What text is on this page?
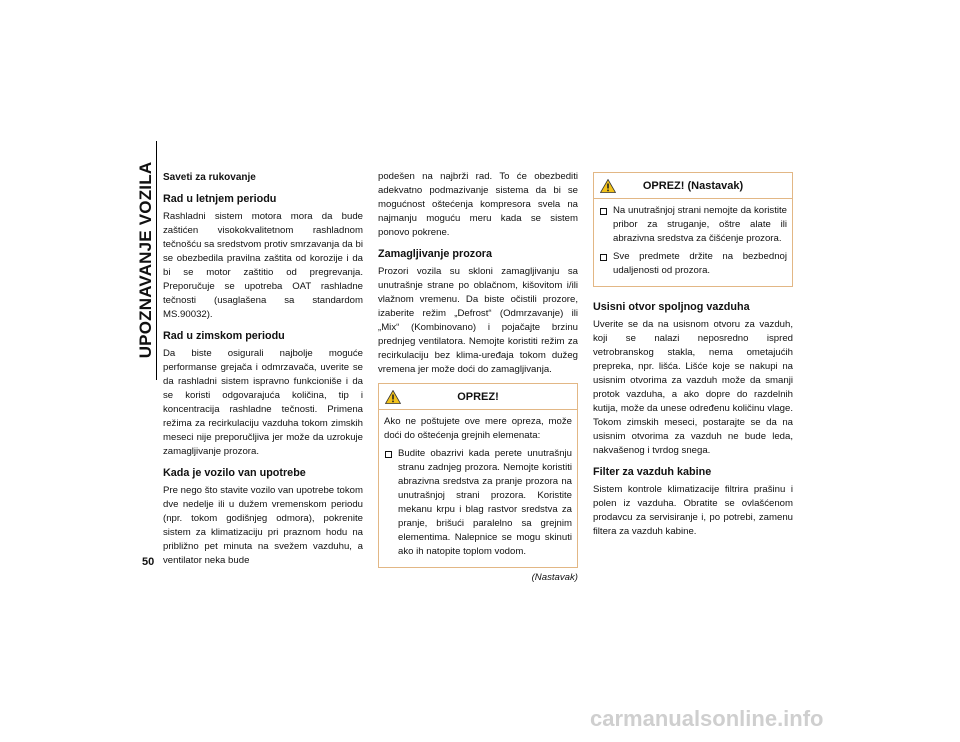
UPOZNAVANJE VOZILA
50
Saveti za rukovanje
Rad u letnjem periodu

Rashladni sistem motora mora da bude zaštićen visokokvalitetnom rashladnom tečnošću sa sredstvom protiv smrzavanja da bi se obezbedila pravilna zaštita od korozije i da bi se motor zaštitio od pregrevanja. Preporučuje se upotreba OAT rashladne tečnosti (usaglašena sa standardom MS.90032).

Rad u zimskom periodu

Da biste osigurali najbolje moguće performanse grejača i odmrzavača, uverite se da rashladni sistem ispravno funkcioniše i da se koristi odgovarajuća količina, tip i koncentracija rashladne tečnosti. Primena režima za recirkulaciju vazduha tokom zimskih meseci nije preporučljiva jer može da uzrokuje zamagljivanje prozora.

Kada je vozilo van upotrebe

Pre nego što stavite vozilo van upotrebe tokom dve nedelje ili u dužem vremenskom periodu (npr. tokom godišnjeg odmora), pokrenite sistem za klimatizaciju pri praznom hodu na približno pet minuta na svežem vazduhu, a ventilator neka bude

podešen na najbrži rad. To će obezbediti adekvatno podmazivanje sistema da bi se mogućnost oštećenja kompresora svela na najmanju moguću meru kada se sistem ponovo pokrene.

Zamagljivanje prozora

Prozori vozila su skloni zamagljivanju sa unutrašnje strane po oblačnom, kišovitom i/ili vlažnom vremenu. Da biste očistili prozore, izaberite režim „Defrost“ (Odmrzavanje) ili „Mix“ (Kombinovano) i pojačajte brzinu prednjeg ventilatora. Nemojte koristiti režim za recirkulaciju bez klima-uređaja tokom dužeg vremena jer može doći do zamagljivanja.

OPREZ!

Ako ne poštujete ove mere opreza, može doći do oštećenja grejnih elemenata:

Budite obazrivi kada perete unutrašnju stranu zadnjeg prozora. Nemojte koristiti abrazivna sredstva za pranje prozora na unutrašnjoj strani prozora. Koristite mekanu krpu i blag rastvor sredstva za pranje, brišući paralelno sa grejnim elementima. Nalepnice se mogu skinuti ako ih natopite toplom vodom.
(Nastavak)
OPREZ! (Nastavak)
Na unutrašnjoj strani nemojte da koristite pribor za struganje, oštre alate ili abrazivna sredstva za čišćenje prozora.
Sve predmete držite na bezbednoj udaljenosti od prozora.
Usisni otvor spoljnog vazduha

Uverite se da na usisnom otvoru za vazduh, koji se nalazi neposredno ispred vetrobranskog stakla, nema ometajućih prepreka, npr. lišća. Lišće koje se nakupi na usisnim otvorima za vazduh može da smanji protok vazduha, a ako dopre do razdelnih kutija, može da unese određenu količinu vlage. Tokom zimskih meseci, postarajte se da na usisnim otvorima za vazduh ne bude leda, nakvašenog i tvrdog snega.

Filter za vazduh kabine

Sistem kontrole klimatizacije filtrira prašinu i polen iz vazduha. Obratite se ovlašćenom prodavcu za servisiranje i, po potrebi, zamenu filtera za vazduh kabine.

carmanualsonline.info
